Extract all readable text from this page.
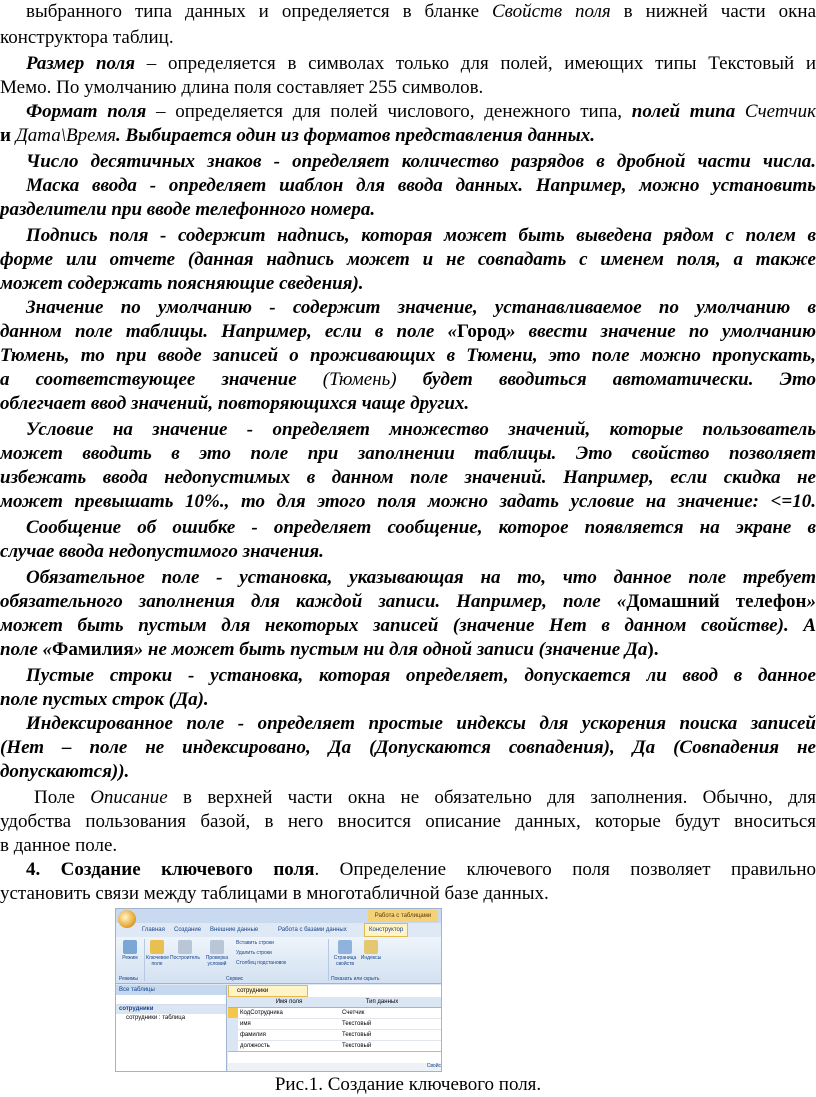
выбранного типа данных и определяется в бланке Свойств поля в нижней части окна
конструктора таблиц.
Размер поля – определяется в символах только для полей, имеющих типы Текстовый и
Мемо. По умолчанию длина поля составляет 255 символов.
Формат поля – определяется для полей числового, денежного типа, полей типа Счетчик
и Дата\Время. Выбирается один из форматов представления данных.
Число десятичных знаков - определяет количество разрядов в дробной части числа.
Маска ввода - определяет шаблон для ввода данных. Например, можно установить
разделители при вводе телефонного номера.
Подпись поля - содержит надпись, которая может быть выведена рядом с полем в
форме или отчете (данная надпись может и не совпадать с именем поля, а также
может содержать поясняющие сведения).
Значение по умолчанию - содержит значение, устанавливаемое по умолчанию в
данном поле таблицы. Например, если в поле «Город» ввести значение по умолчанию
Тюмень, то при вводе записей о проживающих в Тюмени, это поле можно пропускать,
а соответствующее значение (Тюмень) будет вводиться автоматически. Это
облегчает ввод значений, повторяющихся чаще других.
Условие на значение - определяет множество значений, которые пользователь
может вводить в это поле при заполнении таблицы. Это свойство позволяет
избежать ввода недопустимых в данном поле значений. Например, если скидка не
может превышать 10%., то для этого поля можно задать условие на значение: <=10.
Сообщение об ошибке - определяет сообщение, которое появляется на экране в
случае ввода недопустимого значения.
Обязательное поле - установка, указывающая на то, что данное поле требует
обязательного заполнения для каждой записи. Например, поле «Домашний телефон»
может быть пустым для некоторых записей (значение Нет в данном свойстве). А
поле «Фамилия» не может быть пустым ни для одной записи (значение Да).
Пустые строки - установка, которая определяет, допускается ли ввод в данное
поле пустых строк (Да).
Индексированное поле - определяет простые индексы для ускорения поиска записей
(Нет – поле не индексировано, Да (Допускаются совпадения), Да (Совпадения не
допускаются)).
Поле Описание в верхней части окна не обязательно для заполнения. Обычно, для
удобства пользования базой, в него вносится описание данных, которые будут вноситься
в данное поле.
4. Создание ключевого поля. Определение ключевого поля позволяет правильно
установить связи между таблицами в многотабличной базе данных.
Работа с таблицами
Главная Создание Внешние данные	Работа с базами данных	Конструктор
Режим	Ключевое поле
Построитель	Проверка условий
Вставить строки
Удалить строки
Столбец подстановок
Страница свойств
Индексы
Режимы	Сервис	Показать или скрыть
Все таблицы
сотрудники
сотрудники : таблица
сотрудники
Имя поля	Тип данных
КодСотрудника	Счетчик
имя	Текстовый
фамилия	Текстовый
должность	Текстовый
Свойс
Рис.1. Создание ключевого поля.
